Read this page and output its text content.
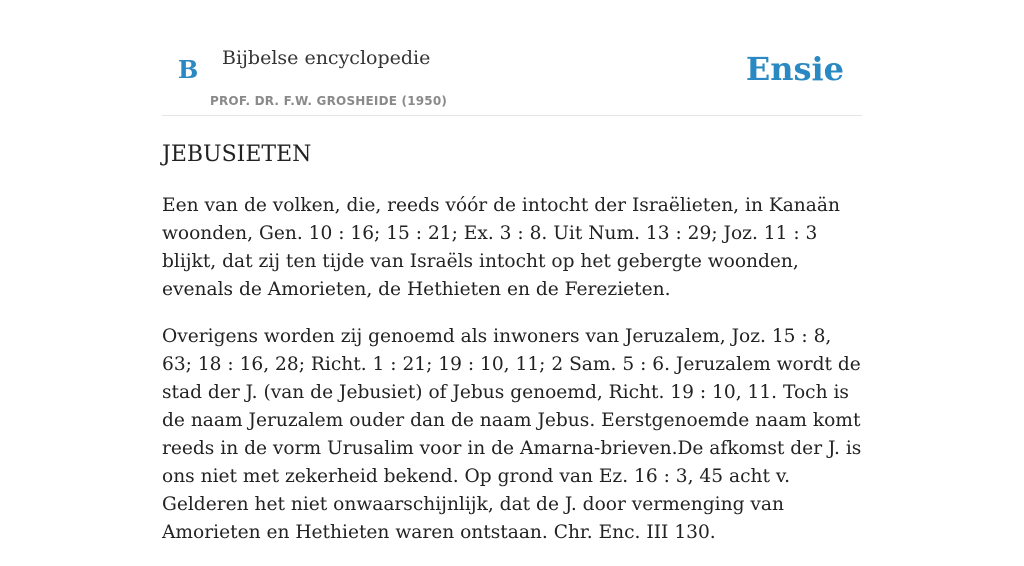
B Bijbelse encyclopedie
PROF. DR. F.W. GROSHEIDE (1950)
Ensie
JEBUSIETEN

Een van de volken, die, reeds vóór de intocht der Israëlieten, in Kanaän woonden, Gen. 10 : 16; 15 : 21; Ex. 3 : 8. Uit Num. 13 : 29; Joz. 11 : 3 blijkt, dat zij ten tijde van Israëls intocht op het gebergte woonden, evenals de Amorieten, de Hethieten en de Ferezieten.

Overigens worden zij genoemd als inwoners van Jeruzalem, Joz. 15 : 8, 63; 18 : 16, 28; Richt. 1 : 21; 19 : 10, 11; 2 Sam. 5 : 6. Jeruzalem wordt de stad der J. (van de Jebusiet) of Jebus genoemd, Richt. 19 : 10, 11. Toch is de naam Jeruzalem ouder dan de naam Jebus. Eerstgenoemde naam komt reeds in de vorm Urusalim voor in de Amarna-brieven.De afkomst der J. is ons niet met zekerheid bekend. Op grond van Ez. 16 : 3, 45 acht v. Gelderen het niet onwaarschijnlijk, dat de J. door vermenging van Amorieten en Hethieten waren ontstaan. Chr. Enc. III 130.
